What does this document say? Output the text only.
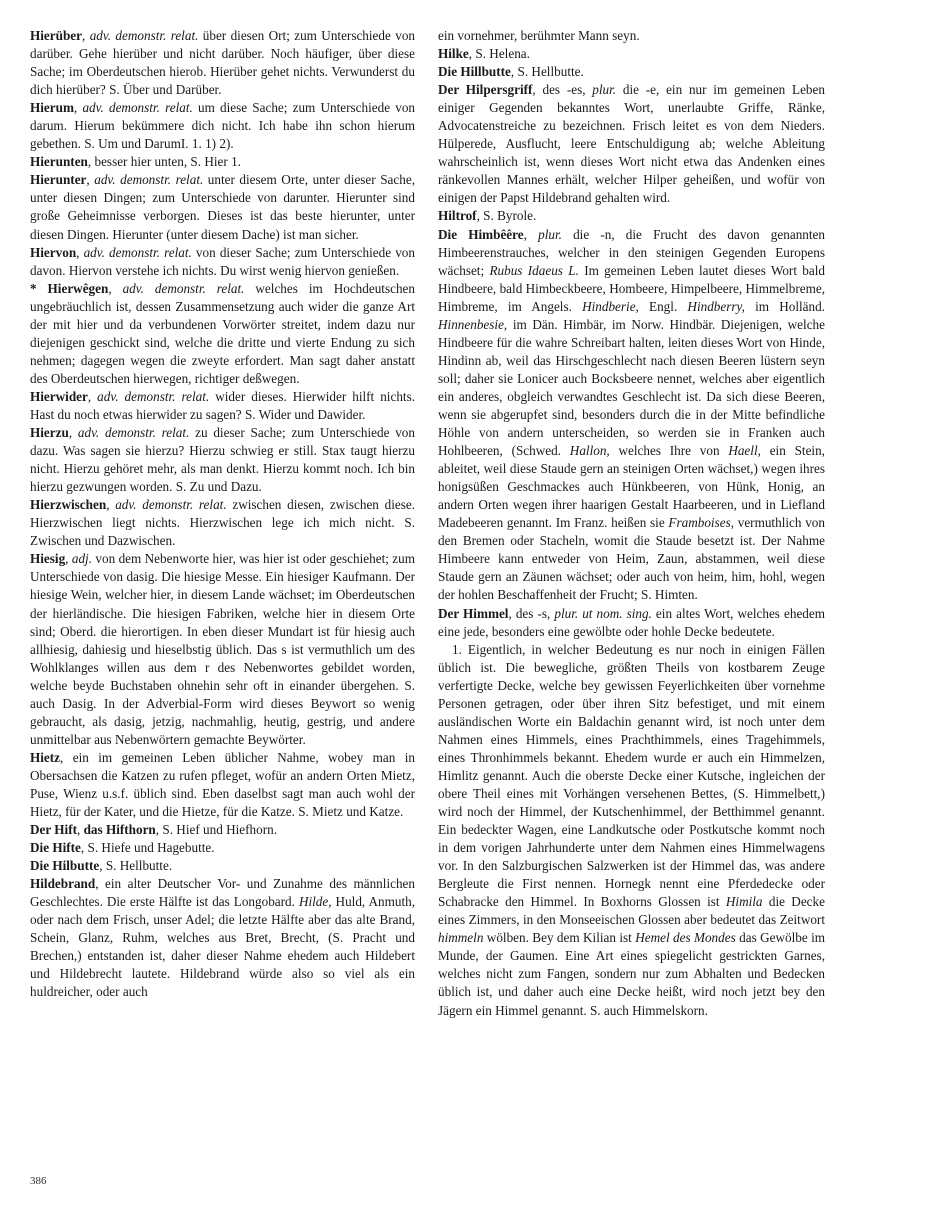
Hierüber, adv. demonstr. relat. über diesen Ort; zum Unterschiede von darüber. Gehe hierüber und nicht darüber. Noch häufiger, über diese Sache; im Oberdeutschen hierob. Hierüber gehet nichts. Verwunderst du dich hierüber? S. Über und Darüber.

Hierum, adv. demonstr. relat. um diese Sache; zum Unterschiede von darum. Hierum bekümmere dich nicht. Ich habe ihn schon hierum gebethen. S. Um und DarumI. 1. 1) 2).

Hierunten, besser hier unten, S. Hier 1.

Hierunter, adv. demonstr. relat. unter diesem Orte, unter dieser Sache, unter diesen Dingen; zum Unterschiede von darunter. Hierunter sind große Geheimnisse verborgen. Dieses ist das beste hierunter, unter diesen Dingen. Hierunter (unter diesem Dache) ist man sicher.

Hiervon, adv. demonstr. relat. von dieser Sache; zum Unterschiede von davon. Hiervon verstehe ich nichts. Du wirst wenig hiervon genießen.

* Hierwêgen, adv. demonstr. relat. welches im Hochdeutschen ungebräuchlich ist, dessen Zusammensetzung auch wider die ganze Art der mit hier und da verbundenen Vorwörter streitet, indem dazu nur diejenigen geschickt sind, welche die dritte und vierte Endung zu sich nehmen; dagegen wegen die zweyte erfordert. Man sagt daher anstatt des Oberdeutschen hierwegen, richtiger deßwegen.

Hierwider, adv. demonstr. relat. wider dieses. Hierwider hilft nichts. Hast du noch etwas hierwider zu sagen? S. Wider und Dawider.

Hierzu, adv. demonstr. relat. zu dieser Sache; zum Unterschiede von dazu. Was sagen sie hierzu? Hierzu schwieg er still. Stax taugt hierzu nicht. Hierzu gehöret mehr, als man denkt. Hierzu kommt noch. Ich bin hierzu gezwungen worden. S. Zu und Dazu.

Hierzwischen, adv. demonstr. relat. zwischen diesen, zwischen diese. Hierzwischen liegt nichts. Hierzwischen lege ich mich nicht. S. Zwischen und Dazwischen.

Hiesig, adj. von dem Nebenworte hier, was hier ist oder geschiehet; zum Unterschiede von dasig. Die hiesige Messe. Ein hiesiger Kaufmann. Der hiesige Wein, welcher hier, in diesem Lande wächset; im Oberdeutschen der hierländische. Die hiesigen Fabriken, welche hier in diesem Orte sind; Oberd. die hierortigen. In eben dieser Mundart ist für hiesig auch allhiesig, dahiesig und hieselbstig üblich. Das s ist vermuthlich um des Wohlklanges willen aus dem r des Nebenwortes gebildet worden, welche beyde Buchstaben ohnehin sehr oft in einander übergehen. S. auch Dasig. In der Adverbial-Form wird dieses Beywort so wenig gebraucht, als dasig, jetzig, nachmahlig, heutig, gestrig, und andere unmittelbar aus Nebenwörtern gemachte Beywörter.

Hietz, ein im gemeinen Leben üblicher Nahme, wobey man in Obersachsen die Katzen zu rufen pfleget, wofür an andern Orten Mietz, Puse, Wienz u.s.f. üblich sind. Eben daselbst sagt man auch wohl der Hietz, für der Kater, und die Hietze, für die Katze. S. Mietz und Katze.

Der Hift, das Hifthorn, S. Hief und Hiefhorn.

Die Hifte, S. Hiefe und Hagebutte.

Die Hilbutte, S. Hellbutte.

Hildebrand, ein alter Deutscher Vor- und Zunahme des männlichen Geschlechtes. Die erste Hälfte ist das Longobard. Hilde, Huld, Anmuth, oder nach dem Frisch, unser Adel; die letzte Hälfte aber das alte Brand, Schein, Glanz, Ruhm, welches aus Bret, Brecht, (S. Pracht und Brechen,) entstanden ist, daher dieser Nahme ehedem auch Hildebert und Hildebrecht lautete. Hildebrand würde also so viel als ein huldreicher, oder auch

ein vornehmer, berühmter Mann seyn.

Hilke, S. Helena.

Die Hillbutte, S. Hellbutte.

Der Hilpersgriff, des -es, plur. die -e, ein nur im gemeinen Leben einiger Gegenden bekanntes Wort, unerlaubte Griffe, Ränke, Advocatenstreiche zu bezeichnen. Frisch leitet es von dem Nieders. Hülperede, Ausflucht, leere Entschuldigung ab; welche Ableitung wahrscheinlich ist, wenn dieses Wort nicht etwa das Andenken eines ränkevollen Mannes erhält, welcher Hilper geheißen, und wofür von einigen der Papst Hildebrand gehalten wird.

Hiltrof, S. Byrole.

Die Himbêêre, plur. die -n, die Frucht des davon genannten Himbeerenstrauches, welcher in den steinigen Gegenden Europens wächset; Rubus Idaeus L. Im gemeinen Leben lautet dieses Wort bald Hindbeere, bald Himbeckbeere, Hombeere, Himpelbeere, Himmelbreme, Himbreme, im Angels. Hindberie, Engl. Hindberry, im Holländ. Hinnenbesie, im Dän. Himbär, im Norw. Hindbär. Diejenigen, welche Hindbeere für die wahre Schreibart halten, leiten dieses Wort von Hinde, Hindinn ab, weil das Hirschgeschlecht nach diesen Beeren lüstern seyn soll; daher sie Lonicer auch Bocksbeere nennet, welches aber eigentlich ein anderes, obgleich verwandtes Geschlecht ist. Da sich diese Beeren, wenn sie abgerupfet sind, besonders durch die in der Mitte befindliche Höhle von andern unterscheiden, so werden sie in Franken auch Hohlbeeren, (Schwed. Hallon, welches Ihre von Haell, ein Stein, ableitet, weil diese Staude gern an steinigen Orten wächset,) wegen ihres honigsüßen Geschmackes auch Hünkbeeren, von Hünk, Honig, an andern Orten wegen ihrer haarigen Gestalt Haarbeeren, und in Liefland Madebeeren genannt. Im Franz. heißen sie Framboises, vermuthlich von den Bremen oder Stacheln, womit die Staude besetzt ist. Der Nahme Himbeere kann entweder von Heim, Zaun, abstammen, weil diese Staude gern an Zäunen wächset; oder auch von heim, him, hohl, wegen der hohlen Beschaffenheit der Frucht; S. Himten.

Der Himmel, des -s, plur. ut nom. sing. ein altes Wort, welches ehedem eine jede, besonders eine gewölbte oder hohle Decke bedeutete.

1. Eigentlich, in welcher Bedeutung es nur noch in einigen Fällen üblich ist. Die bewegliche, größten Theils von kostbarem Zeuge verfertigte Decke, welche bey gewissen Feyerlichkeiten über vornehme Personen getragen, oder über ihren Sitz befestiget, und mit einem ausländischen Worte ein Baldachin genannt wird, ist noch unter dem Nahmen eines Himmels, eines Prachthimmels, eines Tragehimmels, eines Thronhimmels bekannt. Ehedem wurde er auch ein Himmelzen, Himlitz genannt. Auch die oberste Decke einer Kutsche, ingleichen der obere Theil eines mit Vorhängen versehenen Bettes, (S. Himmelbett,) wird noch der Himmel, der Kutschenhimmel, der Betthimmel genannt. Ein bedeckter Wagen, eine Landkutsche oder Postkutsche kommt noch in dem vorigen Jahrhunderte unter dem Nahmen eines Himmelwagens vor. In den Salzburgischen Salzwerken ist der Himmel das, was andere Bergleute die First nennen. Hornegk nennt eine Pferdedecke oder Schabracke den Himmel. In Boxhorns Glossen ist Himila die Decke eines Zimmers, in den Monseeischen Glossen aber bedeutet das Zeitwort himmeln wölben. Bey dem Kilian ist Hemel des Mondes das Gewölbe im Munde, der Gaumen. Eine Art eines spiegelicht gestrickten Garnes, welches nicht zum Fangen, sondern nur zum Abhalten und Bedecken üblich ist, und daher auch eine Decke heißt, wird noch jetzt bey den Jägern ein Himmel genannt. S. auch Himmelskorn.

386
